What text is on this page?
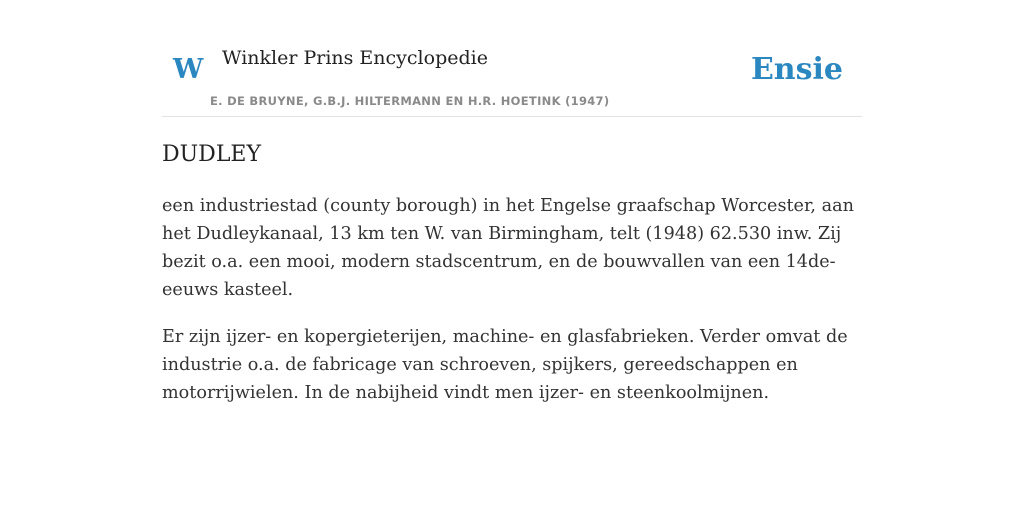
W Winkler Prins Encyclopedie
E. DE BRUYNE, G.B.J. HILTERMANN EN H.R. HOETINK (1947)
Ensie
DUDLEY

een industriestad (county borough) in het Engelse graafschap Worcester, aan het Dudleykanaal, 13 km ten W. van Birmingham, telt (1948) 62.530 inw. Zij bezit o.a. een mooi, modern stadscentrum, en de bouwvallen van een 14de-eeuws kasteel.

Er zijn ijzer- en kopergieterijen, machine- en glasfabrieken. Verder omvat de industrie o.a. de fabricage van schroeven, spijkers, gereedschappen en motorrijwielen. In de nabijheid vindt men ijzer- en steenkoolmijnen.
